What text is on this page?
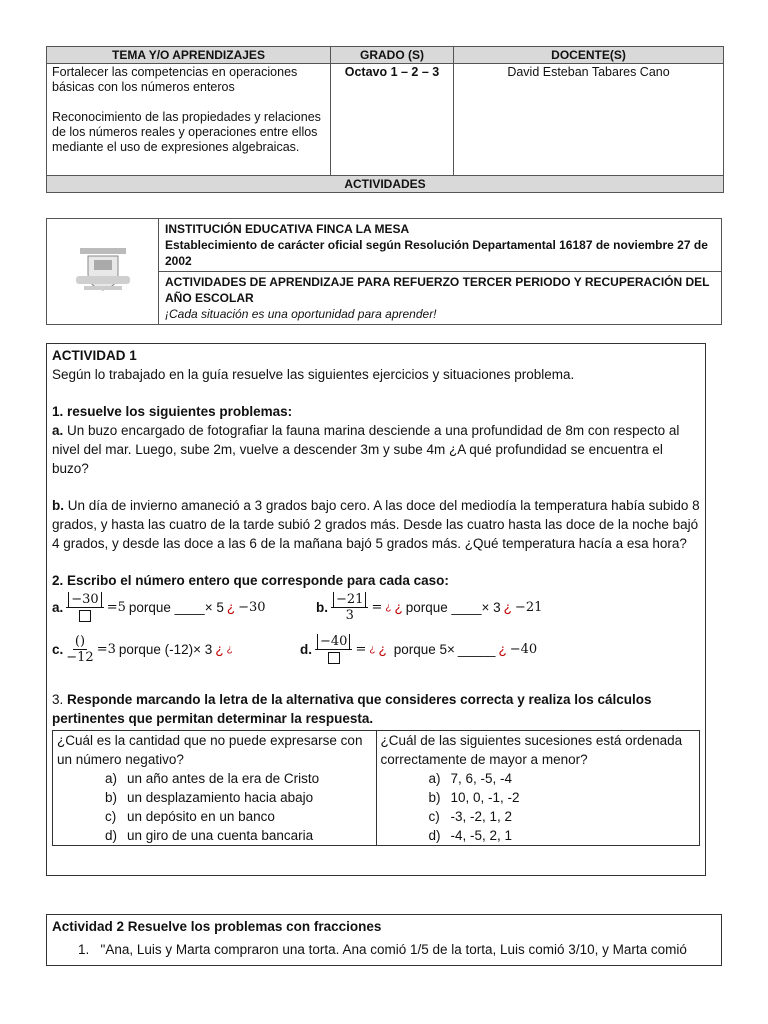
TEMA Y/O APRENDIZAJES	GRADO (S)	DOCENTE(S)

Fortalecer las competencias en operaciones básicas con los números enteros
Reconocimiento de las propiedades y relaciones de los números reales y operaciones entre ellos mediante el uso de expresiones algebraicas.	Octavo 1 – 2 – 3	David Esteban Tabares Cano
ACTIVIDADES		
	INSTITUCIÓN EDUCATIVA FINCA LA MESA
Establecimiento de carácter oficial según Resolución Departamental 16187 de noviembre 27 de 2002
ACTIVIDADES DE APRENDIZAJE PARA REFUERZO TERCER PERIODO Y RECUPERACIÓN DEL AÑO ESCOLAR
¡Cada situación es una oportunidad para aprender!

ACTIVIDAD 1

Según lo trabajado en la guía resuelve las siguientes ejercicios y situaciones problema.

1. resuelve los siguientes problemas:

a. Un buzo encargado de fotografiar la fauna marina desciende a una profundidad de 8m con respecto al nivel del mar. Luego, sube 2m, vuelve a descender 3m y sube 4m ¿A qué profundidad se encuentra el buzo?

b. Un día de invierno amaneció a 3 grados bajo cero. A las doce del mediodía la temperatura había subido 8 grados, y hasta las cuatro de la tarde subió 2 grados más. Desde las cuatro hasta las doce de la noche bajó 4 grados, y desde las doce a las 6 de la mañana bajó 5 grados más. ¿Qué temperatura hacía a esa hora?

2. Escribo el número entero que corresponde para cada caso:

a.
−30
=5 porque ____× 5 ¿ −30	b. $\frac{-21}{3}$ = ¿ ¿ porque ____× 3 ¿ −21
c. $\frac{()}{-12} =3$ porque (-12)× 3 ¿ ¿	d.
−40
= ¿ ¿ porque 5× _____ ¿ −40

3. Responde marcando la letra de la alternativa que consideres correcta y realiza los cálculos pertinentes que permitan determinar la respuesta.

¿Cuál es la cantidad que no puede expresarse con un número negativo?
a) un año antes de la era de Cristo
b) un desplazamiento hacia abajo
c) un depósito en un banco
d) un giro de una cuenta bancaria

¿Cuál de las siguientes sucesiones está ordenada correctamente de mayor a menor?
a) 7, 6, -5, -4
b) 10, 0, -1, -2
c) -3, -2, 1, 2
d) -4, -5, 2, 1

Actividad 2 Resuelve los problemas con fracciones

1. "Ana, Luis y Marta compraron una torta. Ana comió 1/5 de la torta, Luis comió 3/10, y Marta comió
